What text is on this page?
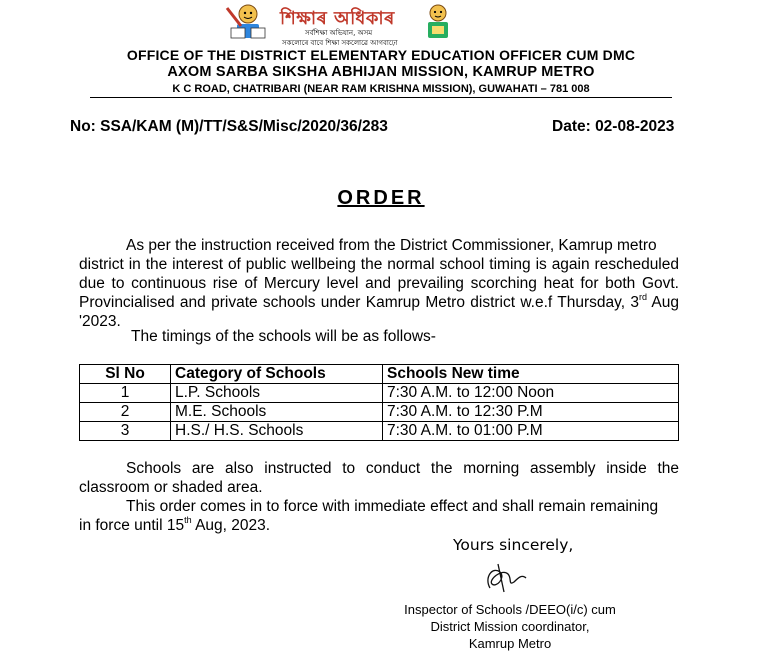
শিক্ষাৰ অধিকাৰ
সৰ্বশিক্ষা অভিযান, অসম
সকলোৰে বাবে শিক্ষা সকলোৱে আগবাঢ়ো
OFFICE OF THE DISTRICT ELEMENTARY EDUCATION OFFICER CUM DMC
AXOM SARBA SIKSHA ABHIJAN MISSION, KAMRUP METRO
K C ROAD, CHATRIBARI (NEAR RAM KRISHNA MISSION), GUWAHATI – 781 008
No: SSA/KAM (M)/TT/S&S/Misc/2020/36/283	Date: 02-08-2023
ORDER
As per the instruction received from the District Commissioner, Kamrup metro
district in the interest of public wellbeing the normal school timing is again rescheduled due to continuous rise of Mercury level and prevailing scorching heat for both Govt. Provincialised and private schools under Kamrup Metro district w.e.f Thursday, 3rd Aug '2023.
The timings of the schools will be as follows-
Sl No	Category of Schools	Schools New time
1	L.P. Schools	7:30 A.M. to 12:00 Noon
2	M.E. Schools	7:30 A.M. to 12:30 P.M
3	H.S./ H.S. Schools	7:30 A.M. to 01:00 P.M
Schools are also instructed to conduct the morning assembly inside the classroom or shaded area.
This order comes in to force with immediate effect and shall remain remaining
in force until 15th Aug, 2023.
Yours sincerely,
Inspector of Schools /DEEO(i/c) cum
District Mission coordinator,
Kamrup Metro
